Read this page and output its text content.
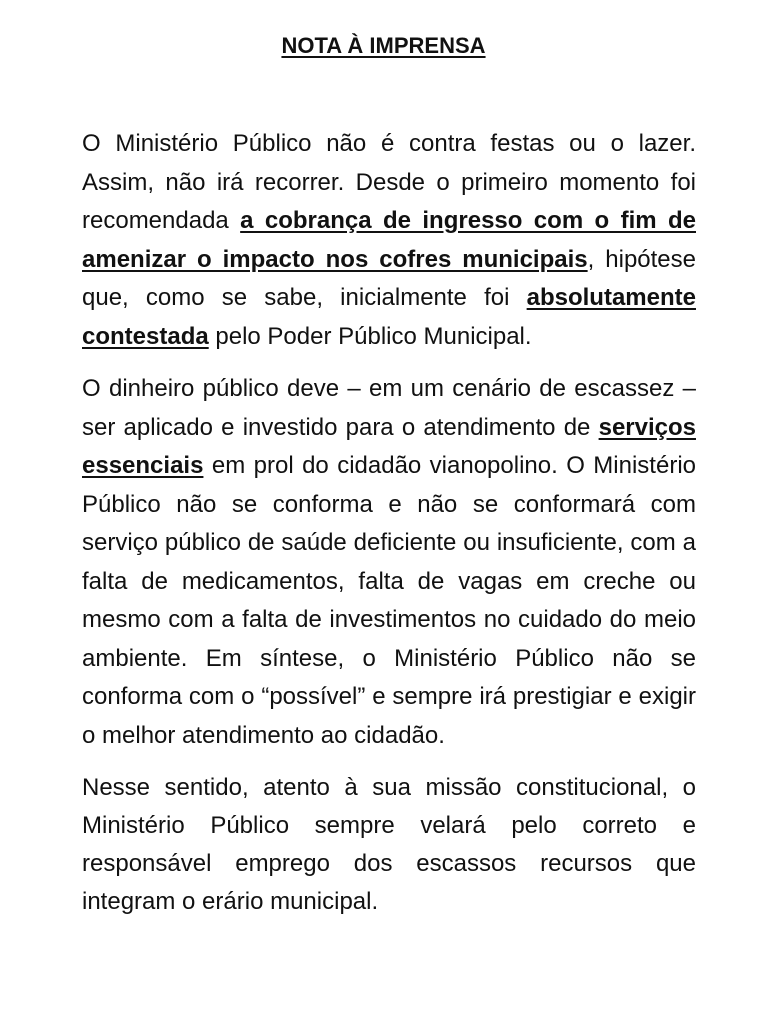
NOTA À IMPRENSA

O Ministério Público não é contra festas ou o lazer. Assim, não irá recorrer. Desde o primeiro momento foi recomendada a cobrança de ingresso com o fim de amenizar o impacto nos cofres municipais, hipótese que, como se sabe, inicialmente foi absolutamente contestada pelo Poder Público Municipal.

O dinheiro público deve – em um cenário de escassez – ser aplicado e investido para o atendimento de serviços essenciais em prol do cidadão vianopolino. O Ministério Público não se conforma e não se conformará com serviço público de saúde deficiente ou insuficiente, com a falta de medicamentos, falta de vagas em creche ou mesmo com a falta de investimentos no cuidado do meio ambiente. Em síntese, o Ministério Público não se conforma com o “possível” e sempre irá prestigiar e exigir o melhor atendimento ao cidadão.

Nesse sentido, atento à sua missão constitucional, o Ministério Público sempre velará pelo correto e responsável emprego dos escassos recursos que integram o erário municipal.
